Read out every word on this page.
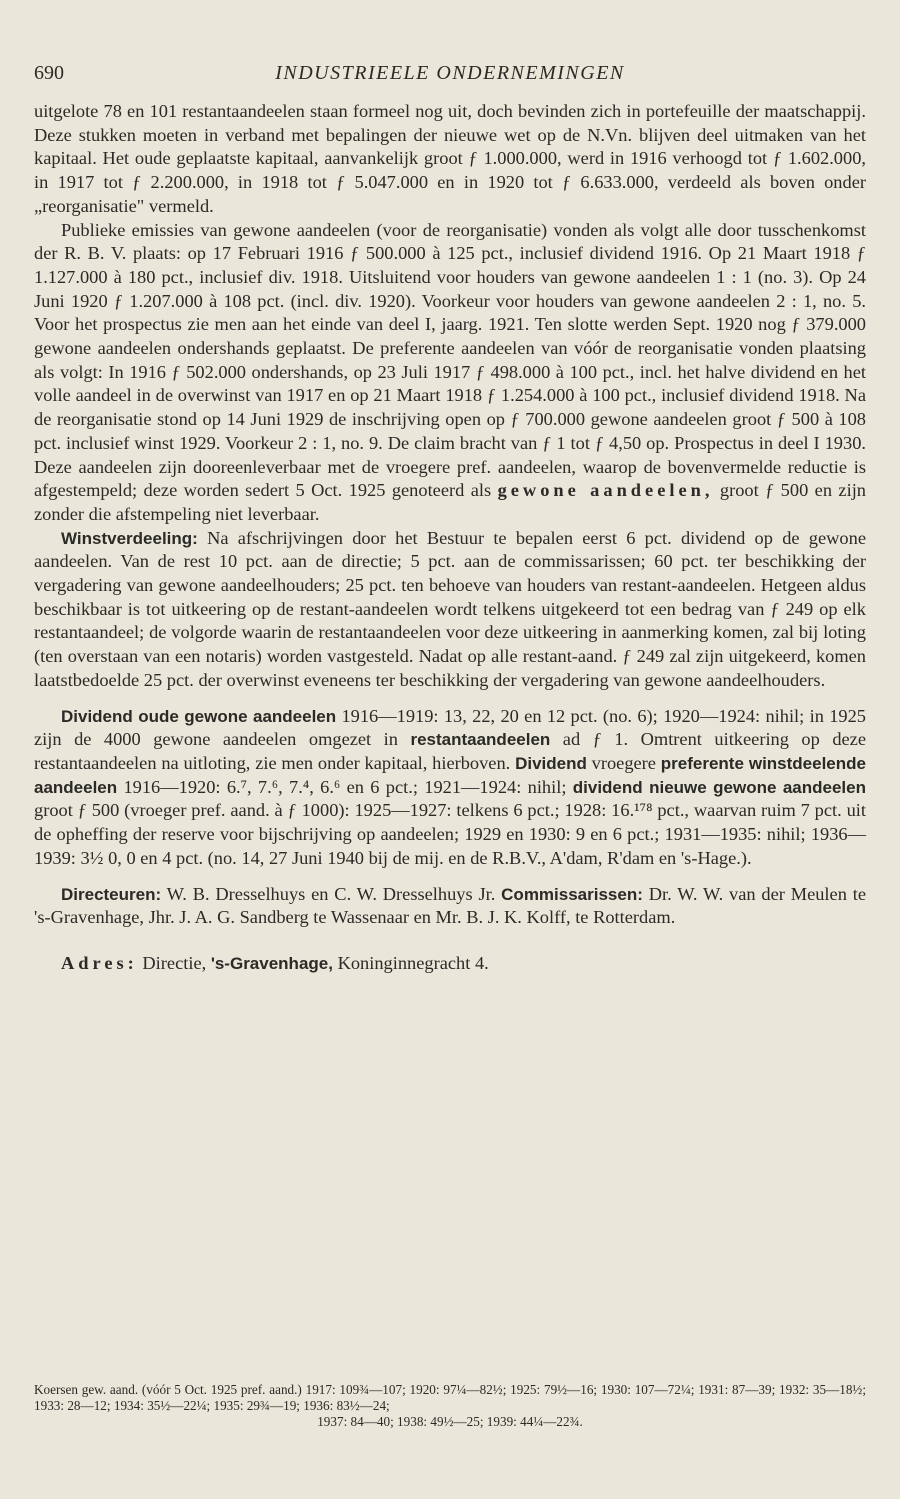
690	INDUSTRIEELE ONDERNEMINGEN

uitgelote 78 en 101 restantaandeelen staan formeel nog uit, doch bevinden zich in portefeuille der maatschappij. Deze stukken moeten in verband met bepalingen der nieuwe wet op de N.Vn. blijven deel uitmaken van het kapitaal. Het oude geplaatste kapitaal, aanvankelijk groot ƒ 1.000.000, werd in 1916 verhoogd tot ƒ 1.602.000, in 1917 tot ƒ 2.200.000, in 1918 tot ƒ 5.047.000 en in 1920 tot ƒ 6.633.000, verdeeld als boven onder „reorganisatie" vermeld.

Publieke emissies van gewone aandeelen (voor de reorganisatie) vonden als volgt alle door tusschenkomst der R. B. V. plaats: op 17 Februari 1916 ƒ 500.000 à 125 pct., inclusief dividend 1916. Op 21 Maart 1918 ƒ 1.127.000 à 180 pct., inclusief div. 1918. Uitsluitend voor houders van gewone aandeelen 1 : 1 (no. 3). Op 24 Juni 1920 ƒ 1.207.000 à 108 pct. (incl. div. 1920). Voorkeur voor houders van gewone aandeelen 2 : 1, no. 5. Voor het prospectus zie men aan het einde van deel I, jaarg. 1921. Ten slotte werden Sept. 1920 nog ƒ 379.000 gewone aandeelen ondershands geplaatst. De preferente aandeelen van vóór de reorganisatie vonden plaatsing als volgt: In 1916 ƒ 502.000 ondershands, op 23 Juli 1917 ƒ 498.000 à 100 pct., incl. het halve dividend en het volle aandeel in de overwinst van 1917 en op 21 Maart 1918 ƒ 1.254.000 à 100 pct., inclusief dividend 1918. Na de reorganisatie stond op 14 Juni 1929 de inschrijving open op ƒ 700.000 gewone aandeelen groot ƒ 500 à 108 pct. inclusief winst 1929. Voorkeur 2 : 1, no. 9. De claim bracht van ƒ 1 tot ƒ 4,50 op. Prospectus in deel I 1930. Deze aandeelen zijn dooreenleverbaar met de vroegere pref. aandeelen, waarop de bovenvermelde reductie is afgestempeld; deze worden sedert 5 Oct. 1925 genoteerd als gewone aandeelen, groot ƒ 500 en zijn zonder die afstempeling niet leverbaar.

Winstverdeeling: Na afschrijvingen door het Bestuur te bepalen eerst 6 pct. dividend op de gewone aandeelen. Van de rest 10 pct. aan de directie; 5 pct. aan de commissarissen; 60 pct. ter beschikking der vergadering van gewone aandeelhouders; 25 pct. ten behoeve van houders van restant-aandeelen. Hetgeen aldus beschikbaar is tot uitkeering op de restant-aandeelen wordt telkens uitgekeerd tot een bedrag van ƒ 249 op elk restantaandeel; de volgorde waarin de restantaandeelen voor deze uitkeering in aanmerking komen, zal bij loting (ten overstaan van een notaris) worden vastgesteld. Nadat op alle restant-aand. ƒ 249 zal zijn uitgekeerd, komen laatstbedoelde 25 pct. der overwinst eveneens ter beschikking der vergadering van gewone aandeelhouders.

Dividend oude gewone aandeelen 1916—1919: 13, 22, 20 en 12 pct. (no. 6); 1920—1924: nihil; in 1925 zijn de 4000 gewone aandeelen omgezet in restantaandeelen ad ƒ 1. Omtrent uitkeering op deze restantaandeelen na uitloting, zie men onder kapitaal, hierboven. Dividend vroegere preferente winstdeelende aandeelen 1916—1920: 6.⁷, 7.⁶, 7.⁴, 6.⁶ en 6 pct.; 1921—1924: nihil; dividend nieuwe gewone aandeelen groot ƒ 500 (vroeger pref. aand. à ƒ 1000): 1925—1927: telkens 6 pct.; 1928: 16.¹⁷⁸ pct., waarvan ruim 7 pct. uit de opheffing der reserve voor bijschrijving op aandeelen; 1929 en 1930: 9 en 6 pct.; 1931—1935: nihil; 1936—1939: 3½ 0, 0 en 4 pct. (no. 14, 27 Juni 1940 bij de mij. en de R.B.V., A'dam, R'dam en 's-Hage.).

Directeuren: W. B. Dresselhuys en C. W. Dresselhuys Jr. Commissarissen: Dr. W. W. van der Meulen te 's-Gravenhage, Jhr. J. A. G. Sandberg te Wassenaar en Mr. B. J. K. Kolff, te Rotterdam.

Adres: Directie, 's-Gravenhage, Koninginnegracht 4.

Koersen gew. aand. (vóór 5 Oct. 1925 pref. aand.) 1917: 109¾—107; 1920: 97¼—82½; 1925: 79½—16; 1930: 107—72¼; 1931: 87—39; 1932: 35—18½; 1933: 28—12; 1934: 35½—22¼; 1935: 29¾—19; 1936: 83½—24;
1937: 84—40; 1938: 49½—25; 1939: 44¼—22¾.
